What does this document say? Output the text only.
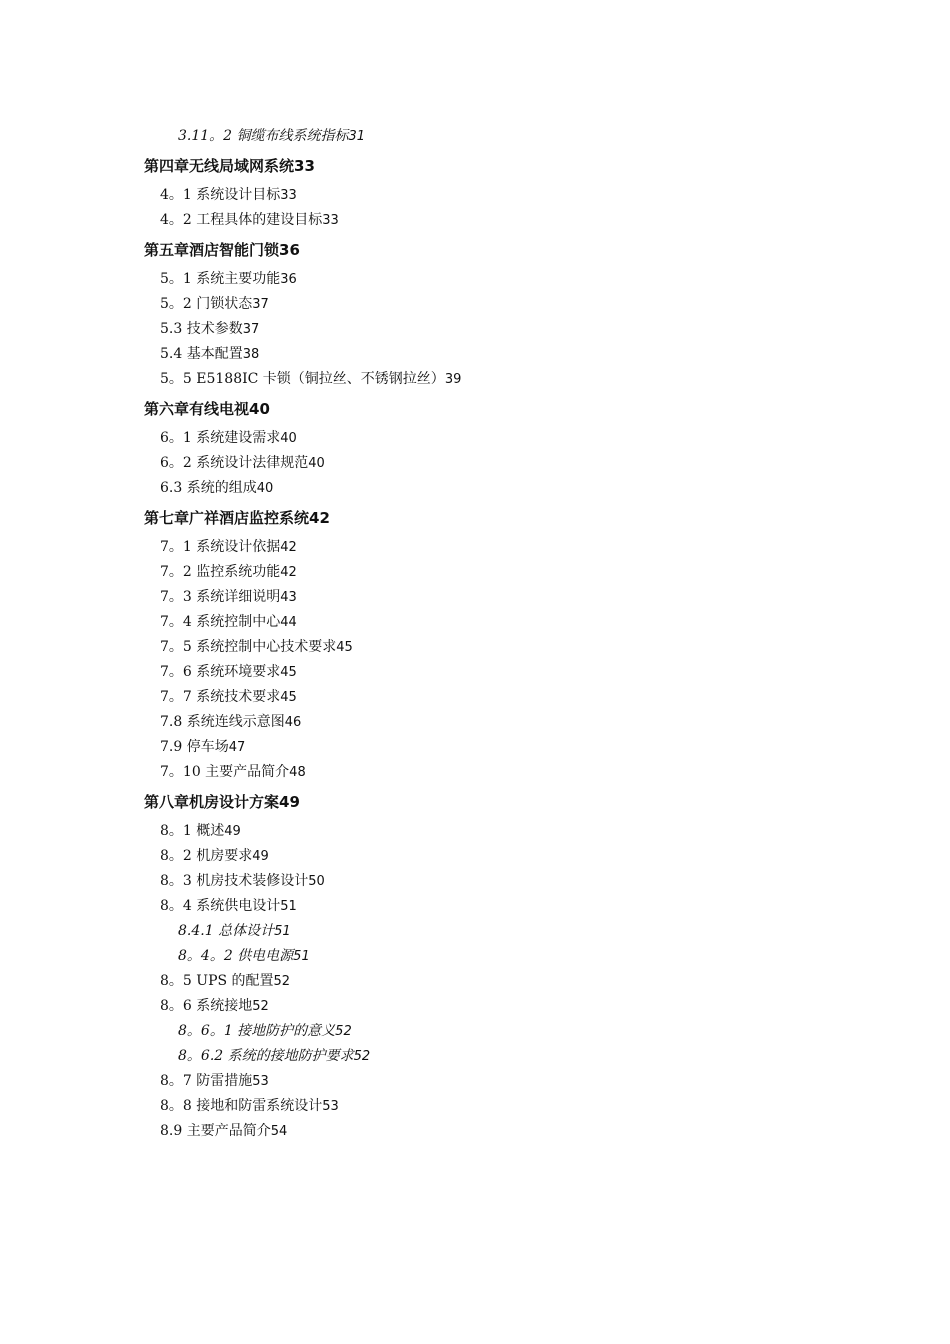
3.11。2 铜缆布线系统指标31
第四章无线局域网系统33
4。1 系统设计目标33
4。2 工程具体的建设目标33
第五章酒店智能门锁36
5。1 系统主要功能36
5。2 门锁状态37
5.3 技术参数37
5.4 基本配置38
5。5 E5188IC 卡锁（铜拉丝、不锈钢拉丝）39
第六章有线电视40
6。1 系统建设需求40
6。2 系统设计法律规范40
6.3 系统的组成40
第七章广祥酒店监控系统42
7。1 系统设计依据42
7。2 监控系统功能42
7。3 系统详细说明43
7。4 系统控制中心44
7。5 系统控制中心技术要求45
7。6 系统环境要求45
7。7 系统技术要求45
7.8 系统连线示意图46
7.9 停车场47
7。10 主要产品简介48
第八章机房设计方案49
8。1 概述49
8。2 机房要求49
8。3 机房技术装修设计50
8。4 系统供电设计51
8.4.1 总体设计51
8。4。2 供电电源51
8。5 UPS 的配置52
8。6 系统接地52
8。6。1 接地防护的意义52
8。6.2 系统的接地防护要求52
8。7 防雷措施53
8。8 接地和防雷系统设计53
8.9 主要产品简介54
